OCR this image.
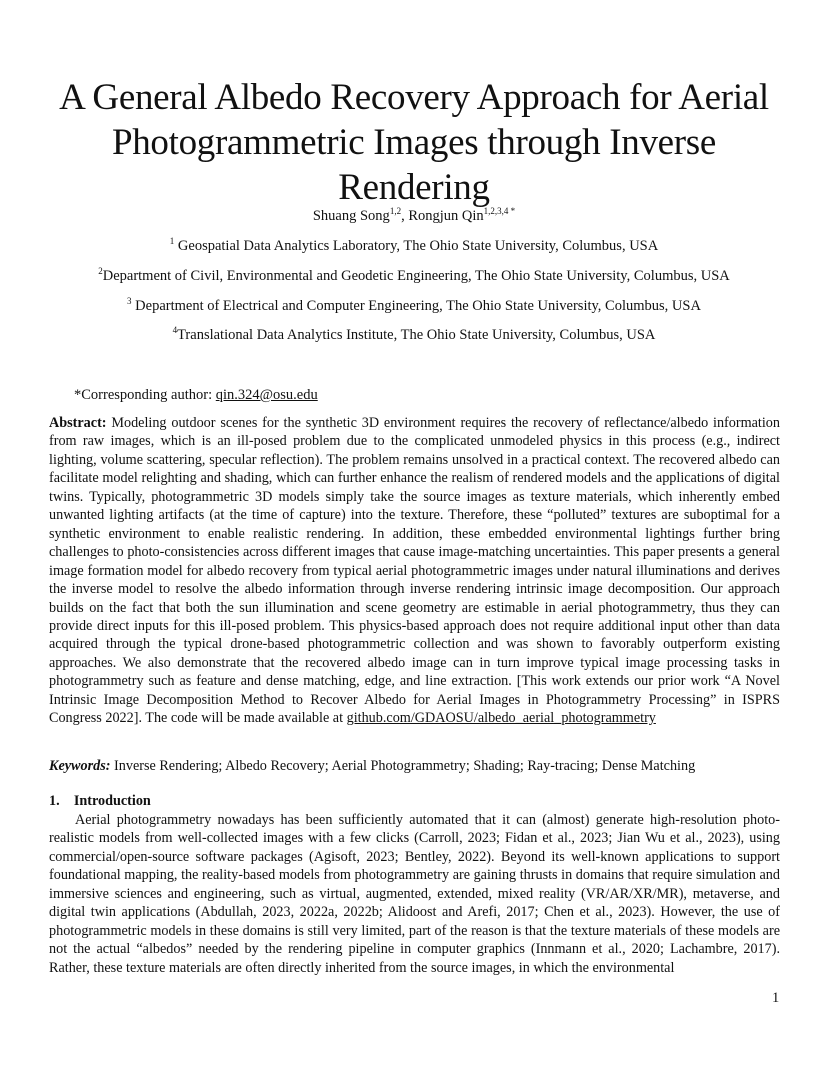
A General Albedo Recovery Approach for Aerial Photogrammetric Images through Inverse Rendering
Shuang Song$^{1,2}$, Rongjun Qin$^{1,2,3,4 *}$
$^1$ Geospatial Data Analytics Laboratory, The Ohio State University, Columbus, USA
$^2$Department of Civil, Environmental and Geodetic Engineering, The Ohio State University, Columbus, USA
$^3$ Department of Electrical and Computer Engineering, The Ohio State University, Columbus, USA
$^4$Translational Data Analytics Institute, The Ohio State University, Columbus, USA
*Corresponding author: qin.324@osu.edu
Abstract: Modeling outdoor scenes for the synthetic 3D environment requires the recovery of reflectance/albedo information from raw images, which is an ill-posed problem due to the complicated unmodeled physics in this process (e.g., indirect lighting, volume scattering, specular reflection). The problem remains unsolved in a practical context. The recovered albedo can facilitate model relighting and shading, which can further enhance the realism of rendered models and the applications of digital twins. Typically, photogrammetric 3D models simply take the source images as texture materials, which inherently embed unwanted lighting artifacts (at the time of capture) into the texture. Therefore, these “polluted” textures are suboptimal for a synthetic environment to enable realistic rendering. In addition, these embedded environmental lightings further bring challenges to photo-consistencies across different images that cause image-matching uncertainties. This paper presents a general image formation model for albedo recovery from typical aerial photogrammetric images under natural illuminations and derives the inverse model to resolve the albedo information through inverse rendering intrinsic image decomposition. Our approach builds on the fact that both the sun illumination and scene geometry are estimable in aerial photogrammetry, thus they can provide direct inputs for this ill-posed problem. This physics-based approach does not require additional input other than data acquired through the typical drone-based photogrammetric collection and was shown to favorably outperform existing approaches. We also demonstrate that the recovered albedo image can in turn improve typical image processing tasks in photogrammetry such as feature and dense matching, edge, and line extraction. [This work extends our prior work “A Novel Intrinsic Image Decomposition Method to Recover Albedo for Aerial Images in Photogrammetry Processing” in ISPRS Congress 2022]. The code will be made available at github.com/GDAOSU/albedo_aerial_photogrammetry
Keywords: Inverse Rendering; Albedo Recovery; Aerial Photogrammetry; Shading; Ray-tracing; Dense Matching
1. Introduction
Aerial photogrammetry nowadays has been sufficiently automated that it can (almost) generate high-resolution photo-realistic models from well-collected images with a few clicks (Carroll, 2023; Fidan et al., 2023; Jian Wu et al., 2023), using commercial/open-source software packages (Agisoft, 2023; Bentley, 2022). Beyond its well-known applications to support foundational mapping, the reality-based models from photogrammetry are gaining thrusts in domains that require simulation and immersive sciences and engineering, such as virtual, augmented, extended, mixed reality (VR/AR/XR/MR), metaverse, and digital twin applications (Abdullah, 2023, 2022a, 2022b; Alidoost and Arefi, 2017; Chen et al., 2023). However, the use of photogrammetric models in these domains is still very limited, part of the reason is that the texture materials of these models are not the actual “albedos” needed by the rendering pipeline in computer graphics (Innmann et al., 2020; Lachambre, 2017). Rather, these texture materials are often directly inherited from the source images, in which the environmental
1
